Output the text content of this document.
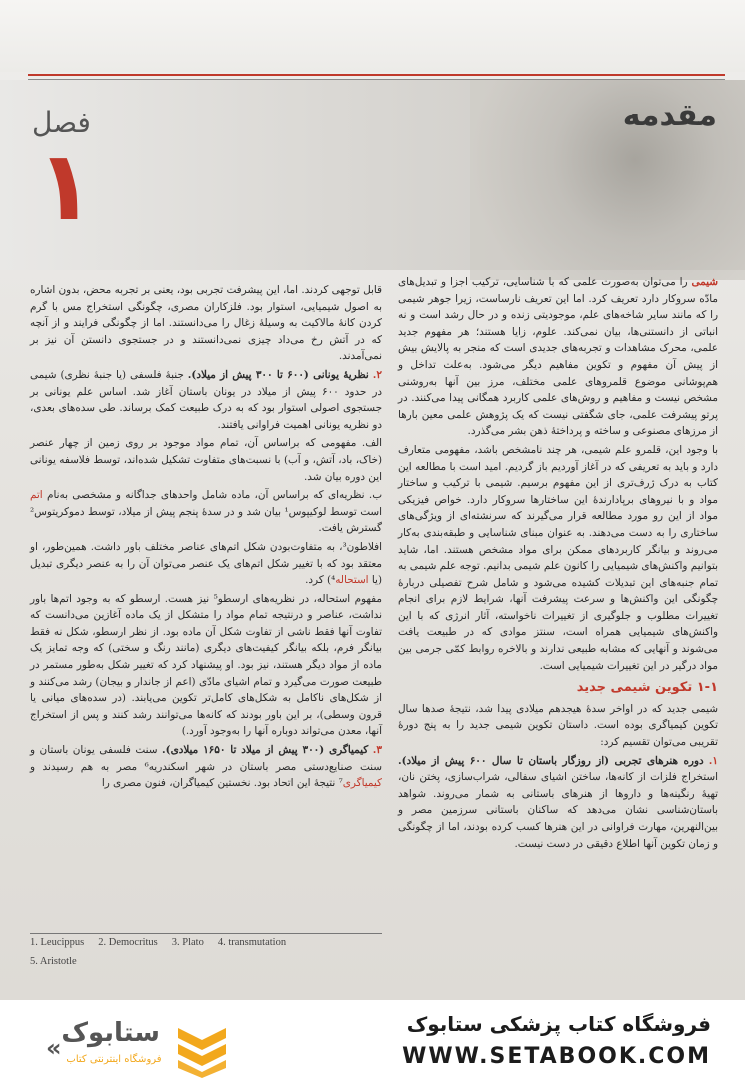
مقدمه
فصل
۱

شیمی را می‌توان به‌صورت علمی که با شناسایی، ترکیب اجزا و تبدیل‌های مادّه سروکار دارد تعریف کرد. اما این تعریف نارساست، زیرا جوهر شیمی را که مانند سایر شاخه‌های علم، موجودیتی زنده و در حال رشد است و نه انباتی از دانستنی‌ها، بیان نمی‌کند. علوم، زایا هستند؛ هر مفهوم جدید علمی، محرک مشاهدات و تجربه‌های جدیدی است که منجر به پالایش بیش از پیش آن مفهوم و تکوین مفاهیم دیگر می‌شود. به‌علت تداخل و هم‌پوشانی موضوع قلمروهای علمی مختلف، مرز بین آنها به‌روشنی مشخص نیست و مفاهیم و روش‌های علمی کاربرد همگانی پیدا می‌کنند. در پرتو پیشرفت علمی، جای شگفتی نیست که یک پژوهش علمی معین بارها از مرزهای مصنوعی و ساخته و پرداختهٔ ذهن بشر می‌گذرد.

با وجود این، قلمرو علم شیمی، هر چند نامشخص باشد، مفهومی متعارف دارد و باید به تعریفی که در آغاز آوردیم باز گردیم. امید است با مطالعه این کتاب به درک ژرف‌تری از این مفهوم برسیم. شیمی با ترکیب و ساختار مواد و با نیروهای برپادارندهٔ این ساختارها سروکار دارد. خواص فیزیکی مواد از این رو مورد مطالعه قرار می‌گیرند که سرنشته‌ای از ویژگی‌های ساختاری را به دست می‌دهند. به عنوان مبنای شناسایی و طبقه‌بندی به‌کار می‌روند و بیانگر کاربردهای ممکن برای مواد مشخص هستند. اما، شاید بتوانیم واکنش‌های شیمیایی را کانون علم شیمی بدانیم. توجه علم شیمی به تمام جنبه‌های این تبدیلات کشیده می‌شود و شامل شرح تفصیلی دربارهٔ چگونگی این واکنش‌ها و سرعت پیشرفت آنها، شرایط لازم برای انجام تغییرات مطلوب و جلوگیری از تغییرات ناخواسته، آثار انرژی که با این واکنش‌های شیمیایی همراه است، سنتز موادی که در طبیعت یافت می‌شوند و آنهایی که مشابه طبیعی ندارند و بالاخره روابط کمّی جرمی بین مواد درگیر در این تغییرات شیمیایی است.

۱-۱ تکوین شیمی جدید

شیمی جدید که در اواخر سدهٔ هیجدهم میلادی پیدا شد، نتیجهٔ صدها سال تکوین کیمیاگری بوده است. داستان تکوین شیمی جدید را به پنج دورهٔ تقریبی می‌توان تقسیم کرد:

۱. دوره هنرهای تجربی (از روزگار باستان تا سال ۶۰۰ پیش از میلاد). استخراج فلزات از کانه‌ها، ساختن اشیای سفالی، شراب‌سازی، پختن نان، تهیهٔ رنگینه‌ها و داروها از هنرهای باستانی به شمار می‌روند. شواهد باستان‌شناسی نشان می‌دهد که ساکنان باستانی سرزمین مصر و بین‌النهرین، مهارت فراوانی در این هنرها کسب کرده بودند، اما از چگونگی و زمان تکوین آنها اطلاع دقیقی در دست نیست.

قابل توجهی کردند. اما، این پیشرفت تجربی بود، یعنی بر تجربه محض، بدون اشاره به اصول شیمیایی، استوار بود. فلزکاران مصری، چگونگی استخراج مس با گرم کردن کانهٔ مالاکیت به وسیلهٔ زغال را می‌دانستند. اما از چگونگی فرایند و از آنچه که در آتش رخ می‌داد چیزی نمی‌دانستند و در جستجوی دانستن آن نیز بر نمی‌آمدند.

۲. نظریهٔ یونانی (۶۰۰ تا ۳۰۰ پیش از میلاد). جنبهٔ فلسفی (یا جنبهٔ نظری) شیمی در حدود ۶۰۰ پیش از میلاد در یونان باستان آغاز شد. اساس علم یونانی بر جستجوی اصولی استوار بود که به درک طبیعت کمک برساند. طی سده‌های بعدی، دو نظریه یونانی اهمیت فراوانی یافتند.

الف. مفهومی که براساس آن، تمام مواد موجود بر روی زمین از چهار عنصر (خاک، باد، آتش، و آب) با نسبت‌های متفاوت تشکیل شده‌اند، توسط فلاسفه یونانی این دوره بیان شد.

ب. نظریه‌ای که براساس آن، ماده شامل واحدهای جداگانه و مشخصی به‌نام اتم است توسط لوکیپوس¹ بیان شد و در سدهٔ پنجم پیش از میلاد، توسط دموکریتوس² گسترش یافت.

افلاطون³، به متفاوت‌بودن شکل اتم‌های عناصر مختلف باور داشت. همین‌طور، او معتقد بود که با تغییر شکل اتم‌های یک عنصر می‌توان آن را به عنصر دیگری تبدیل (یا استحاله⁴) کرد.

مفهوم استحاله، در نظریه‌های ارسطو⁵ نیز هست. ارسطو که به وجود اتم‌ها باور نداشت، عناصر و درنتیجه تمام مواد را متشکل از یک ماده آغازین می‌دانست که تفاوت آنها فقط ناشی از تفاوت شکل آن ماده بود. از نظر ارسطو، شکل نه فقط بیانگر فرم، بلکه بیانگر کیفیت‌های دیگری (مانند رنگ و سختی) که وجه تمایز یک ماده از مواد دیگر هستند، نیز بود. او پیشنهاد کرد که تغییر شکل به‌طور مستمر در طبیعت صورت می‌گیرد و تمام اشیای مادّی (اعم از جاندار و بیجان) رشد می‌کنند و از شکل‌های ناکامل به شکل‌های کامل‌تر تکوین می‌یابند. (در سده‌های میانی یا قرون وسطی)، بر این باور بودند که کانه‌ها می‌توانند رشد کنند و پس از استخراج آنها، معدن می‌تواند دوباره آنها را به‌وجود آورد.)

۳. کیمیاگری (۳۰۰ پیش از میلاد تا ۱۶۵۰ میلادی). سنت فلسفی یونان باستان و سنت صنایع‌دستی مصر باستان در شهر اسکندریه⁶ مصر به هم رسیدند و کیمیاگری⁷ نتیجهٔ این اتحاد بود. نخستین کیمیاگران، فنون مصری را

1. Leucippus 2. Democritus 3. Plato 4. transmutation
5. Aristotle
« ستابوک
فروشگاه اینترنتی کتاب
فروشگاه کتاب پزشکی ستابوک
WWW.SETABOOK.COM
